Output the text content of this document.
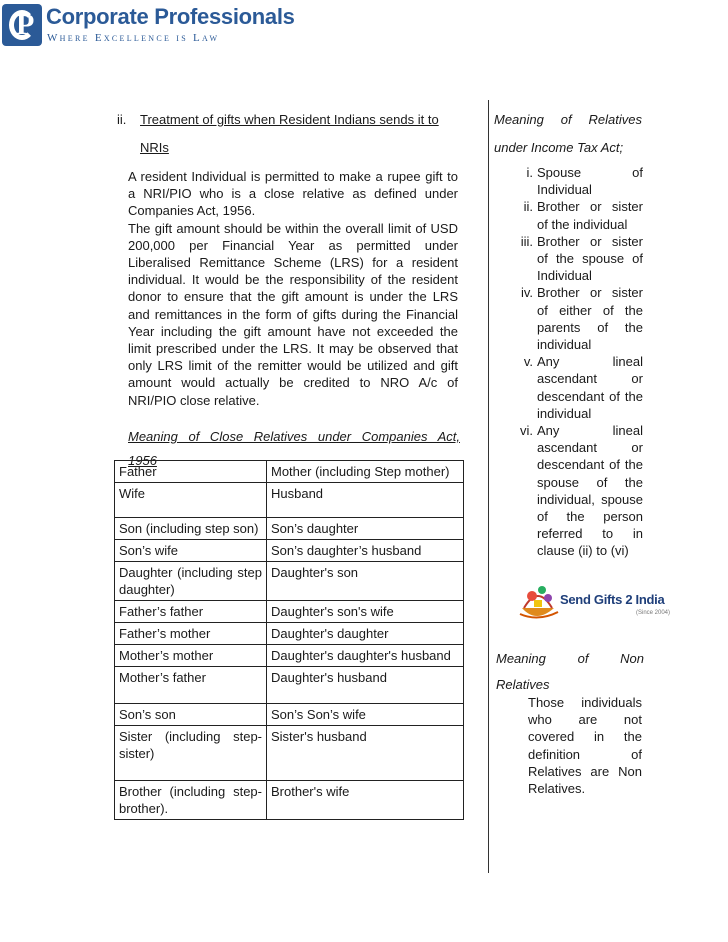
P Corporate Professionals
Where Excellence is Law
ii. Treatment of gifts when Resident Indians sends it to
NRIs

A resident Individual is permitted to make a rupee gift to a NRI/PIO who is a close relative as defined under Companies Act, 1956.

The gift amount should be within the overall limit of USD 200,000 per Financial Year as permitted under Liberalised Remittance Scheme (LRS) for a resident individual. It would be the responsibility of the resident donor to ensure that the gift amount is under the LRS and remittances in the form of gifts during the Financial Year including the gift amount have not exceeded the limit prescribed under the LRS. It may be observed that only LRS limit of the remitter would be utilized and gift amount would actually be credited to NRO A/c of NRI/PIO close relative.

Meaning of Close Relatives under Companies Act,
1956
Father	Mother (including Step mother)
Wife	Husband
Son (including step son)	Son’s daughter
Son’s wife	Son’s daughter’s husband
Daughter (including step daughter)	Daughter's son
Father’s father	Daughter's son's wife
Father’s mother	Daughter's daughter
Mother’s mother	Daughter's daughter's husband
Mother’s father	Daughter's husband
Son’s son	Son’s Son’s wife
Sister (including step-sister)	Sister's husband
Brother (including step-brother).	Brother's wife
Meaning of Relatives
under Income Tax Act;
i. Spouse of Individual
ii. Brother or sister of the individual
iii. Brother or sister of the spouse of Individual
iv. Brother or sister of either of the parents of the individual
v. Any lineal ascendant or descendant of the individual
vi. Any lineal ascendant or descendant of the spouse of the individual, spouse of the person referred to in clause (ii) to (vi)
Send Gifts 2 India
(Since 2004)
Meaning of Non
Relatives
Those individuals who are not covered in the definition of Relatives are Non Relatives.
